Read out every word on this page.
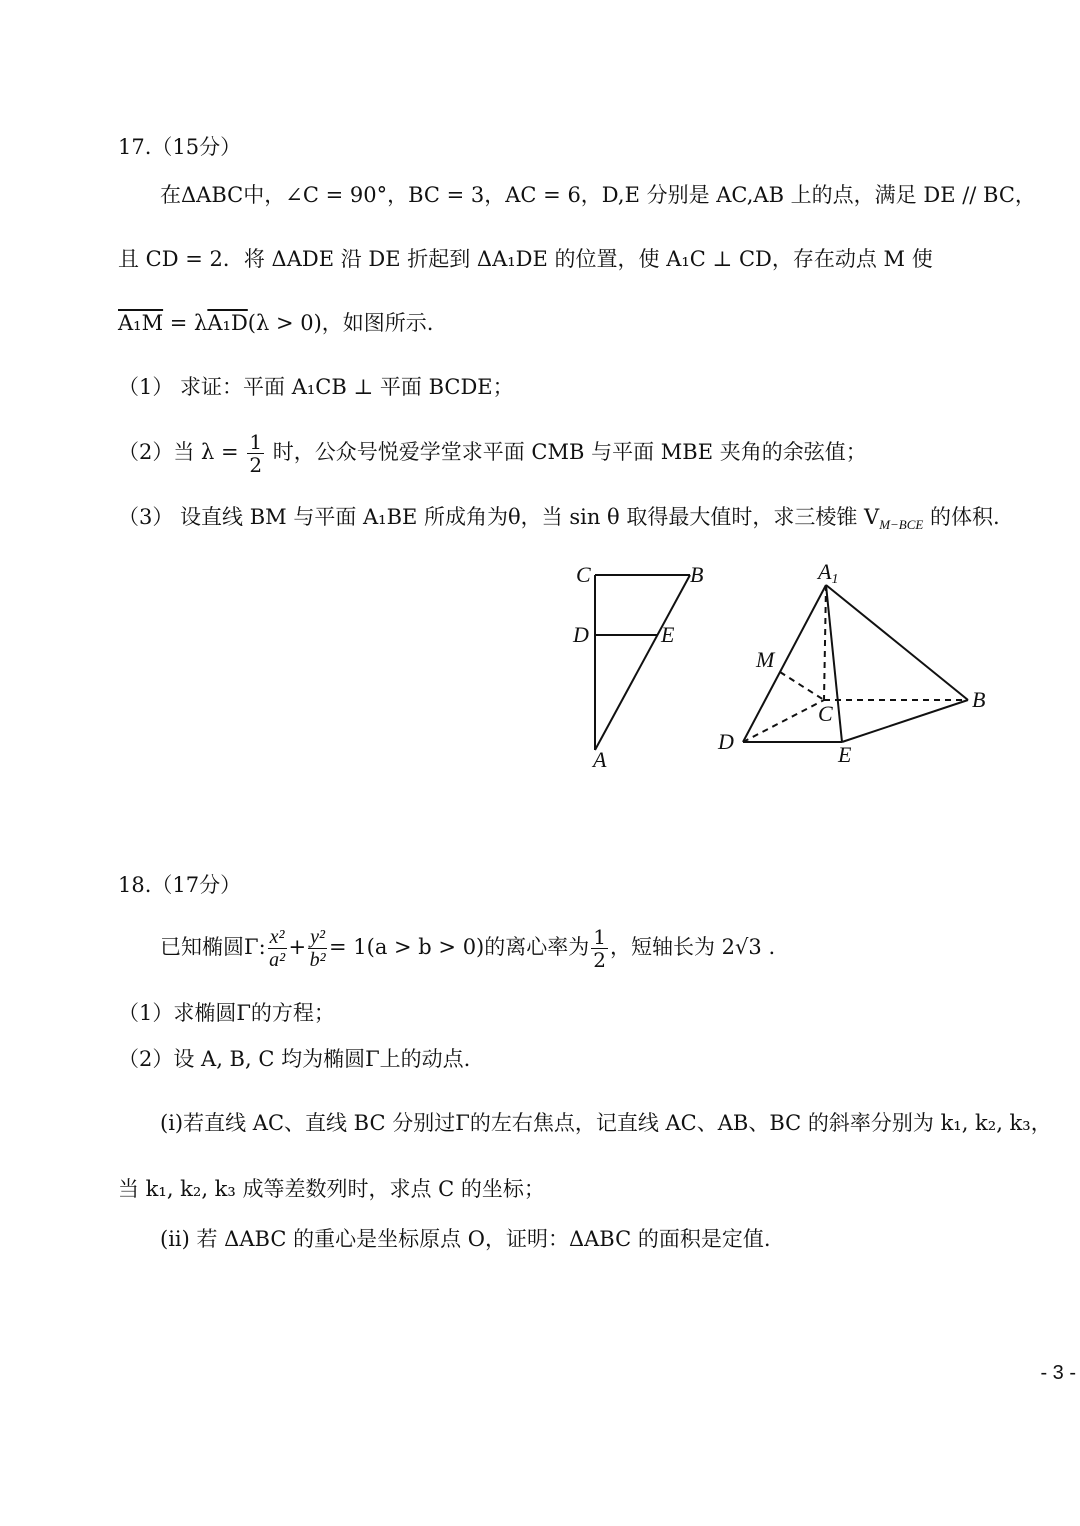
17.（15分）
在ΔABC中，∠C = 90°，BC = 3，AC = 6，D,E 分别是 AC,AB 上的点，满足 DE // BC，
且 CD = 2．将 ΔADE 沿 DE 折起到 ΔA₁DE 的位置，使 A₁C ⊥ CD，存在动点 M 使
A₁M = λA₁D(λ > 0)，如图所示.
（1） 求证：平面 A₁CB ⊥ 平面 BCDE；
（2）当 $\lambda = \frac{1}{2}$ 时，公众号悦爱学堂求平面 CMB 与平面 MBE 夹角的余弦值；
（3） 设直线 BM 与平面 A₁BE 所成角为θ，当 sin θ 取得最大值时，求三棱锥 $V_{M-BCE}$ 的体积.
C	B
D	E
A
A1
M
C
B
D
E
18.（17分）
已知椭圆Γ: $\frac{\text{x²}}{\text{a²}} + \frac{\text{y²}}{\text{b²}} = 1(a > b > 0)$的离心率为 $\frac{1}{2}$ ，短轴长为 2√3 .
（1）求椭圆Γ的方程；
（2）设 A, B, C 均为椭圆Γ上的动点.
(i)若直线 AC、直线 BC 分别过Γ的左右焦点，记直线 AC、AB、BC 的斜率分别为 k₁, k₂, k₃，
当 k₁, k₂, k₃ 成等差数列时，求点 C 的坐标；
(ii) 若 ΔABC 的重心是坐标原点 O，证明：ΔABC 的面积是定值.
- 3 -
